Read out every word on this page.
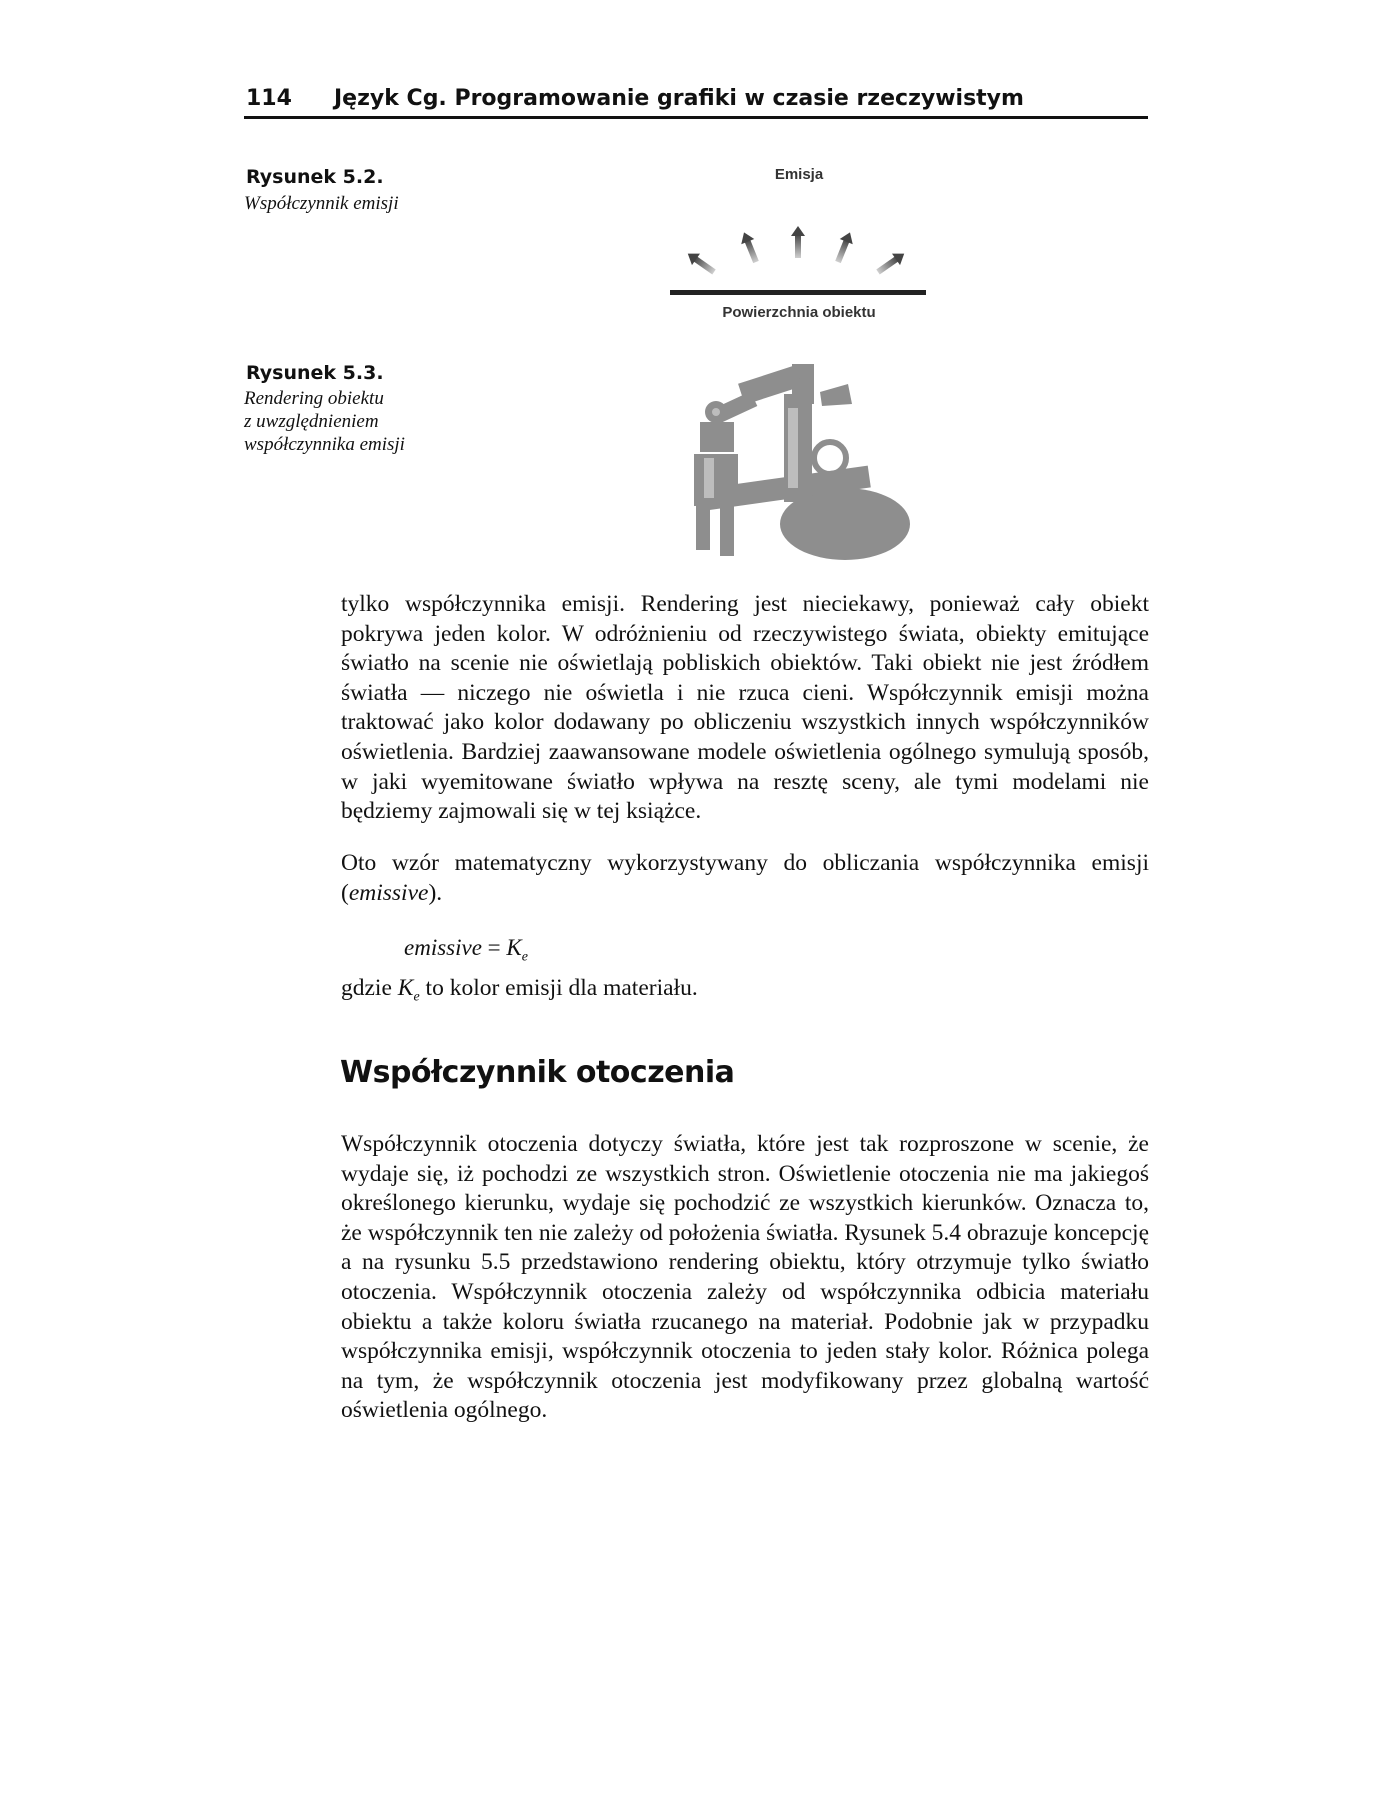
114 Język Cg. Programowanie grafiki w czasie rzeczywistym
Rysunek 5.2.
Współczynnik emisji
Emisja
Powierzchnia obiektu
Rysunek 5.3.
Rendering obiektu
z uwzględnieniem
współczynnika emisji
tylko współczynnika emisji. Rendering jest nieciekawy, ponieważ cały obiekt pokrywa jeden kolor. W odróżnieniu od rzeczywistego świata, obiekty emitujące światło na scenie nie oświetlają pobliskich obiektów. Taki obiekt nie jest źródłem światła — niczego nie oświetla i nie rzuca cieni. Współczynnik emisji można traktować jako kolor dodawany po obliczeniu wszystkich innych współczynników oświetlenia. Bardziej zaawansowane modele oświetlenia ogólnego symulują sposób, w jaki wyemitowane światło wpływa na resztę sceny, ale tymi modelami nie będziemy zajmowali się w tej książce.
Oto wzór matematyczny wykorzystywany do obliczania współczynnika emisji (emissive).
emissive = $K_e$
gdzie $K_e$ to kolor emisji dla materiału.
Współczynnik otoczenia
Współczynnik otoczenia dotyczy światła, które jest tak rozproszone w scenie, że wydaje się, iż pochodzi ze wszystkich stron. Oświetlenie otoczenia nie ma jakiegoś określonego kierunku, wydaje się pochodzić ze wszystkich kierunków. Oznacza to, że współczynnik ten nie zależy od położenia światła. Rysunek 5.4 obrazuje koncepcję a na rysunku 5.5 przedstawiono rendering obiektu, który otrzymuje tylko światło otoczenia. Współczynnik otoczenia zależy od współczynnika odbicia materiału obiektu a także koloru światła rzucanego na materiał. Podobnie jak w przypadku współczynnika emisji, współczynnik otoczenia to jeden stały kolor. Różnica polega na tym, że współczynnik otoczenia jest modyfikowany przez globalną wartość oświetlenia ogólnego.
